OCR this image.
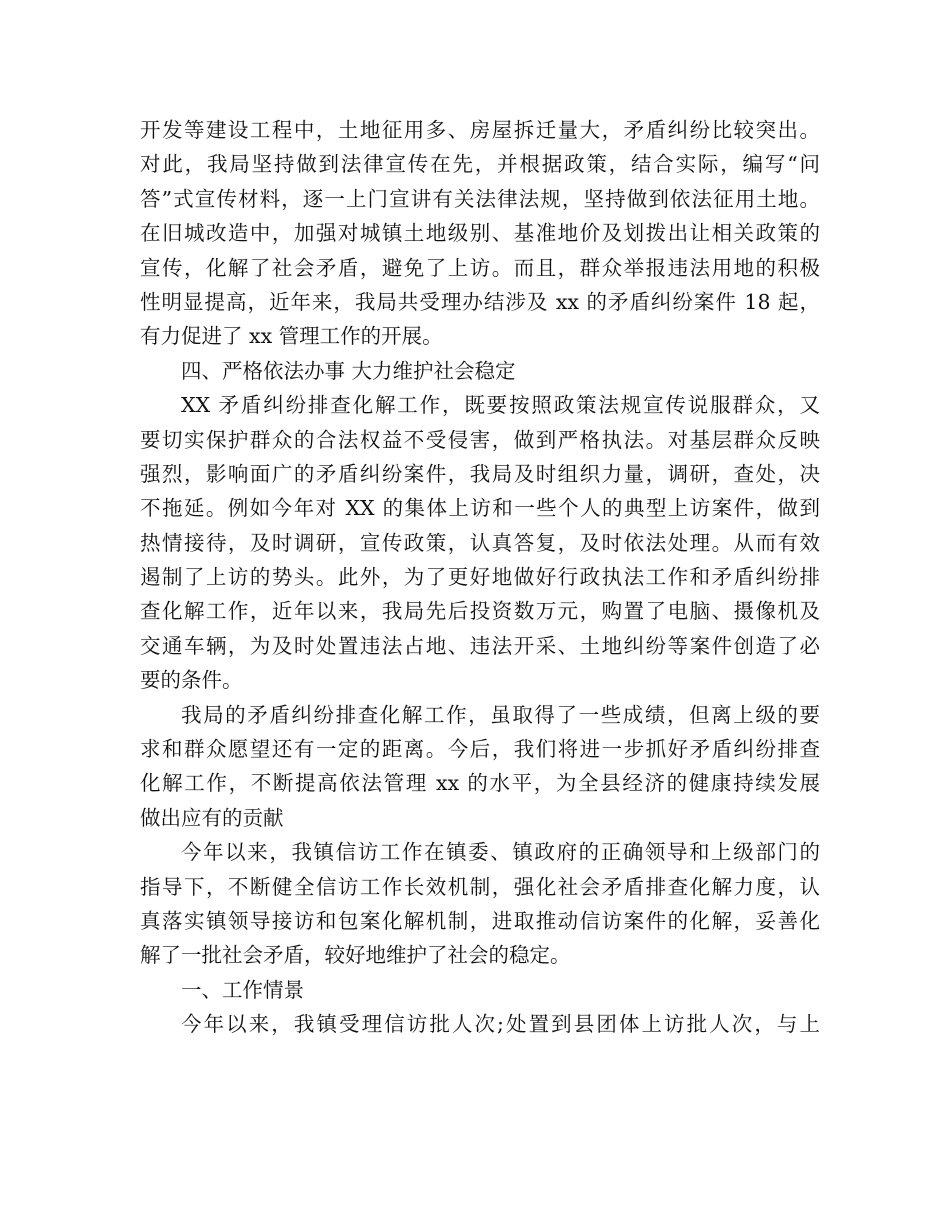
开发等建设工程中，土地征用多、房屋拆迁量大，矛盾纠纷比较突出。
对此，我局坚持做到法律宣传在先，并根据政策，结合实际，编写“问
答”式宣传材料，逐一上门宣讲有关法律法规，坚持做到依法征用土地。
在旧城改造中，加强对城镇土地级别、基准地价及划拨出让相关政策的
宣传，化解了社会矛盾，避免了上访。而且，群众举报违法用地的积极
性明显提高，近年来，我局共受理办结涉及 xx 的矛盾纠纷案件 18 起，
有力促进了 xx 管理工作的开展。
四、严格依法办事 大力维护社会稳定
XX 矛盾纠纷排查化解工作，既要按照政策法规宣传说服群众，又
要切实保护群众的合法权益不受侵害，做到严格执法。对基层群众反映
强烈，影响面广的矛盾纠纷案件，我局及时组织力量，调研，查处，决
不拖延。例如今年对 XX 的集体上访和一些个人的典型上访案件，做到
热情接待，及时调研，宣传政策，认真答复，及时依法处理。从而有效
遏制了上访的势头。此外，为了更好地做好行政执法工作和矛盾纠纷排
查化解工作，近年以来，我局先后投资数万元，购置了电脑、摄像机及
交通车辆，为及时处置违法占地、违法开采、土地纠纷等案件创造了必
要的条件。
我局的矛盾纠纷排查化解工作，虽取得了一些成绩，但离上级的要
求和群众愿望还有一定的距离。今后，我们将进一步抓好矛盾纠纷排查
化解工作，不断提高依法管理 xx 的水平，为全县经济的健康持续发展
做出应有的贡献
今年以来，我镇信访工作在镇委、镇政府的正确领导和上级部门的
指导下，不断健全信访工作长效机制，强化社会矛盾排查化解力度，认
真落实镇领导接访和包案化解机制，进取推动信访案件的化解，妥善化
解了一批社会矛盾，较好地维护了社会的稳定。
一、工作情景
今年以来，我镇受理信访批人次;处置到县团体上访批人次，与上
